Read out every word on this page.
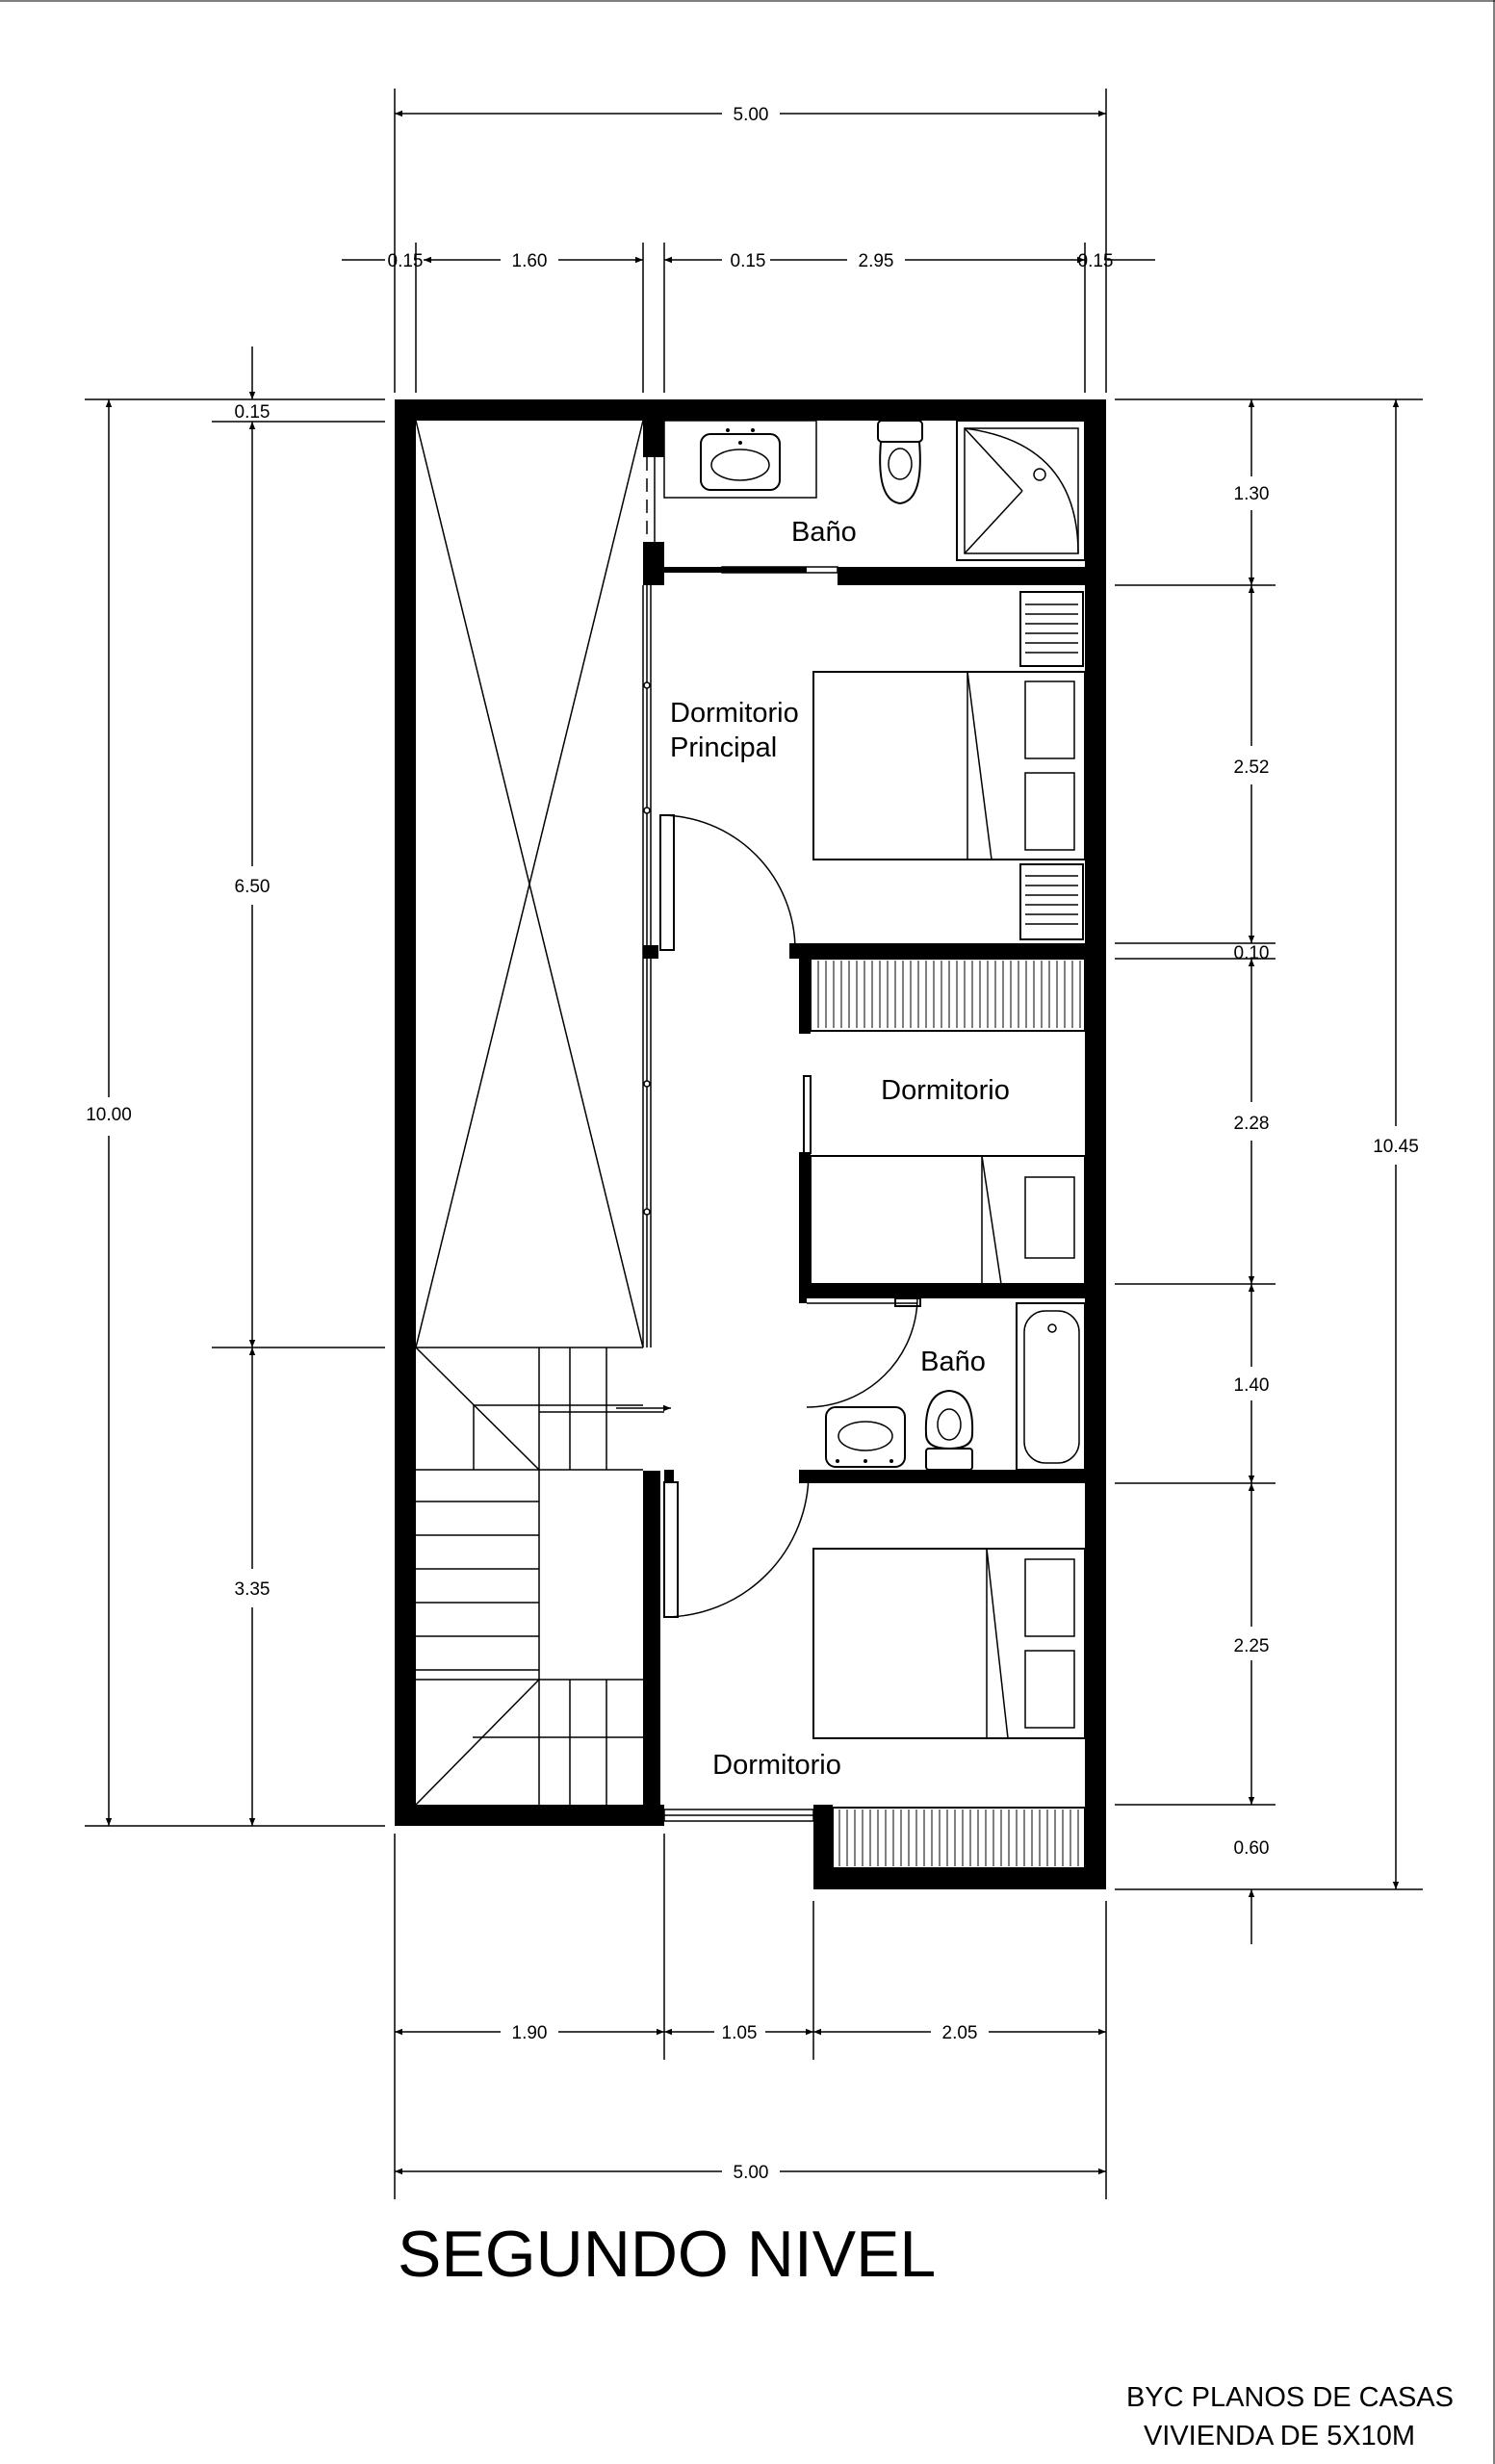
5.00
0.15	1.60	0.15	2.95	0.15
0.15
6.50
3.35
10.00
1.30
2.52
0.10
2.28
1.40
2.25
0.60
10.45
1.90	1.05	2.05
5.00
Baño
Dormitorio
Principal
Dormitorio
Baño
Dormitorio
SEGUNDO NIVEL
BYC PLANOS DE CASAS
VIVIENDA DE 5X10M
